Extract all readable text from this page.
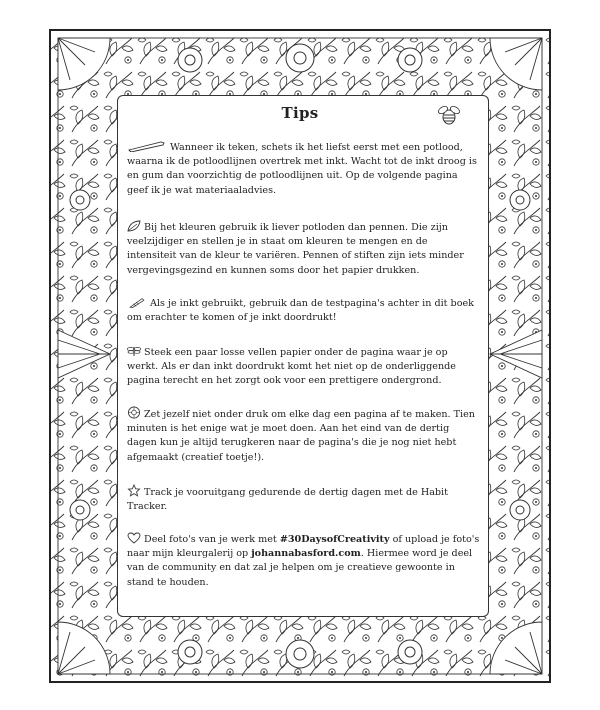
Tips
Wanneer ik teken, schets ik het liefst eerst met een potlood, waarna ik de potloodlijnen overtrek met inkt. Wacht tot de inkt droog is en gum dan voorzichtig de potloodlijnen uit. Op de volgende pagina geef ik je wat materiaaladvies.
Bij het kleuren gebruik ik liever potloden dan pennen. Die zijn veelzijdiger en stellen je in staat om kleuren te mengen en de intensiteit van de kleur te variëren. Pennen of stiften zijn iets minder vergevingsgezind en kunnen soms door het papier drukken.
Als je inkt gebruikt, gebruik dan de testpagina's achter in dit boek om erachter te komen of je inkt doordrukt!
Steek een paar losse vellen papier onder de pagina waar je op werkt. Als er dan inkt doordrukt komt het niet op de onderliggende pagina terecht en het zorgt ook voor een prettigere ondergrond.
Zet jezelf niet onder druk om elke dag een pagina af te maken. Tien minuten is het enige wat je moet doen. Aan het eind van de dertig dagen kun je altijd terugkeren naar de pagina's die je nog niet hebt afgemaakt (creatief toetje!).
Track je vooruitgang gedurende de dertig dagen met de Habit Tracker.
Deel foto's van je werk met #30DaysofCreativity of upload je foto's naar mijn kleurgalerij op johannabasford.com. Hiermee word je deel van de community en dat zal je helpen om je creatieve gewoonte in stand te houden.
